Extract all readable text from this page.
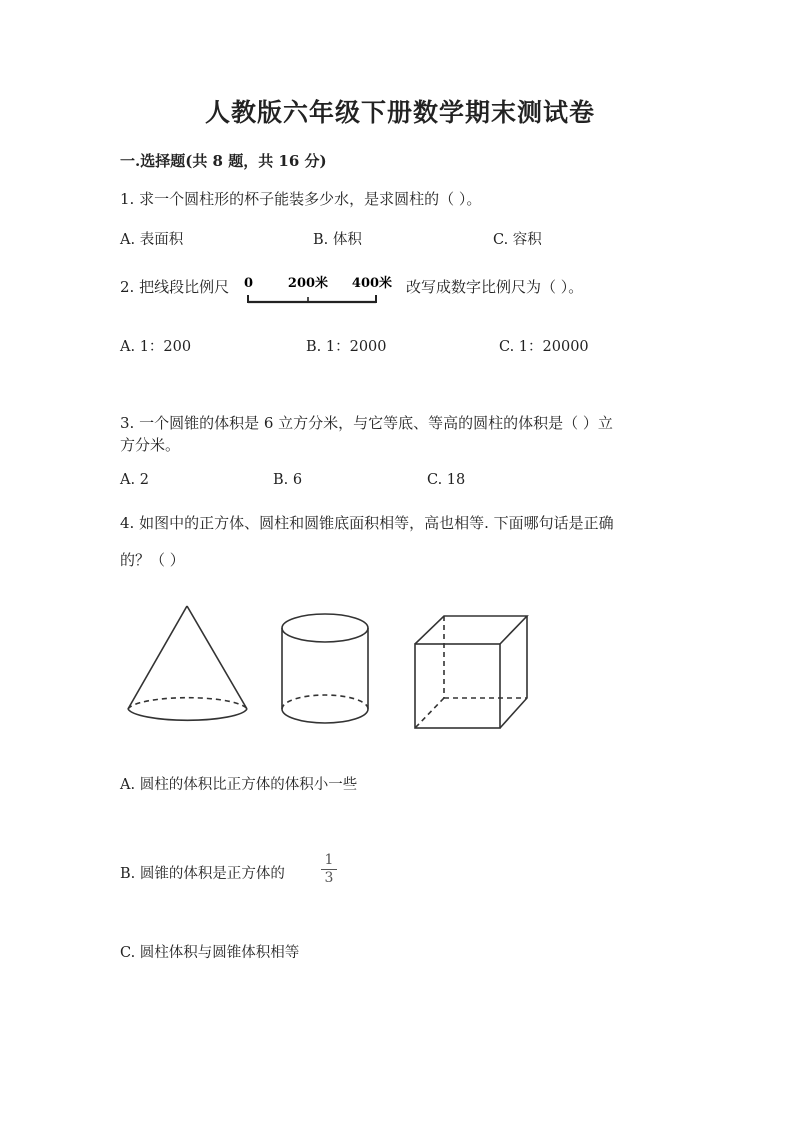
人教版六年级下册数学期末测试卷
一.选择题(共 8 题，共 16 分)
1. 求一个圆柱形的杯子能装多少水，是求圆柱的（ ）。
A. 表面积	B. 体积	C. 容积
2. 把线段比例尺 0	200米 400米 改写成数字比例尺为（ ）。
A. 1：200	B. 1：2000	C. 1：20000
3. 一个圆锥的体积是 6 立方分米，与它等底、等高的圆柱的体积是（ ）立
方分米。
A. 2	B. 6	C. 18
4. 如图中的正方体、圆柱和圆锥底面积相等，高也相等. 下面哪句话是正确
的？（ ）
A. 圆柱的体积比正方体的体积小一些
B. 圆锥的体积是正方体的
1
3
C. 圆柱体积与圆锥体积相等
